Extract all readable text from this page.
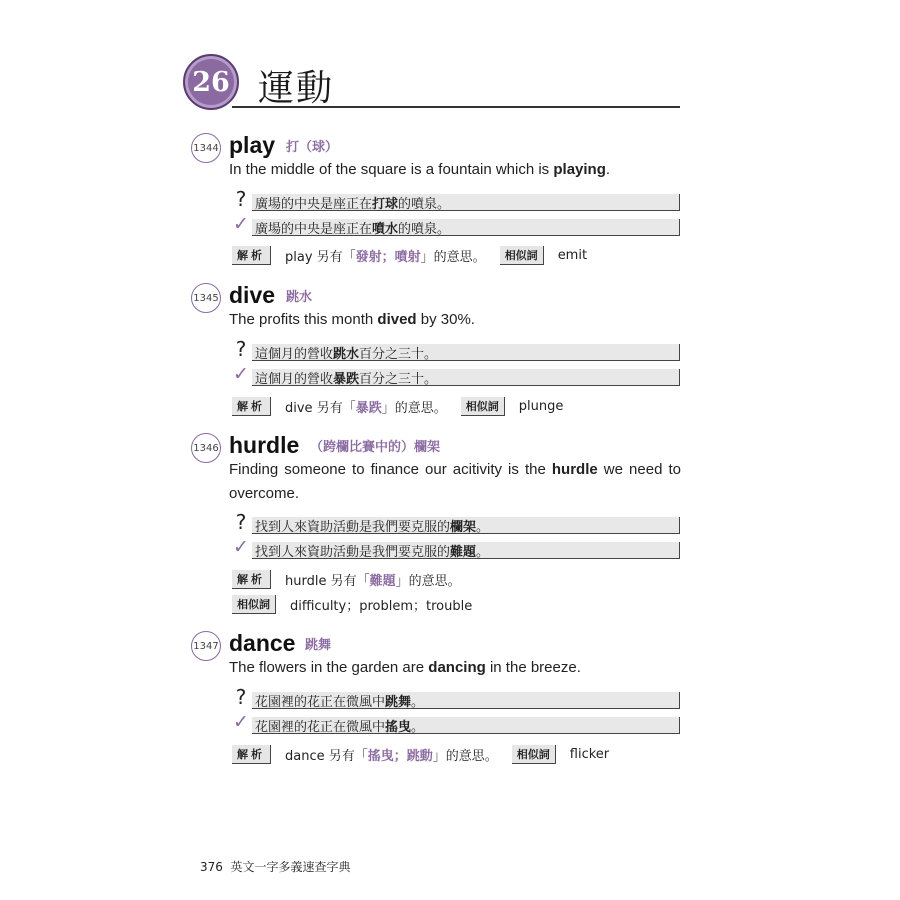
26 運動
1344 play 打（球）
In the middle of the square is a fountain which is playing.
? 廣場的中央是座正在打球的噴泉。
✓ 廣場的中央是座正在噴水的噴泉。
解析	play 另有「 發射；噴射 」的意思。	相似詞	emit
1345 dive 跳水
The profits this month dived by 30%.
? 這個月的營收跳水百分之三十。
✓ 這個月的營收暴跌百分之三十。
解析	dive 另有「 暴跌 」的意思。	相似詞	plunge
1346 hurdle （跨欄比賽中的）欄架
Finding someone to finance our acitivity is the hurdle we need to overcome.
? 找到人來資助活動是我們要克服的欄架。
✓ 找到人來資助活動是我們要克服的難題。
解析	hurdle 另有「 難題 」的意思。
相似詞	difficulty；problem；trouble
1347 dance 跳舞
The flowers in the garden are dancing in the breeze.
? 花園裡的花正在微風中跳舞。
✓ 花園裡的花正在微風中搖曳。
解析	dance 另有「 搖曳；跳動 」的意思。	相似詞	flicker
376 英文一字多義速查字典
